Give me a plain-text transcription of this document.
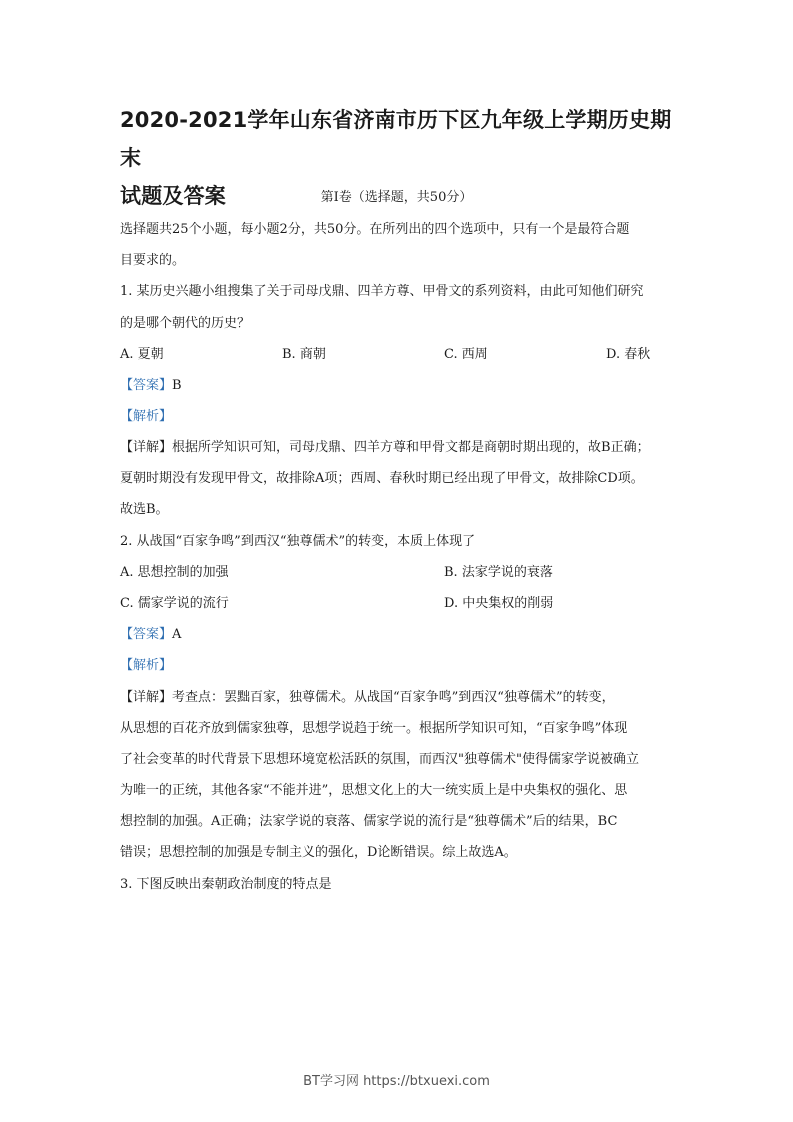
2020-2021学年山东省济南市历下区九年级上学期历史期末
试题及答案	第Ⅰ卷（选择题，共50分）
选择题共25个小题，每小题2分，共50分。在所列出的四个选项中，只有一个是最符合题
目要求的。
1. 某历史兴趣小组搜集了关于司母戊鼎、四羊方尊、甲骨文的系列资料，由此可知他们研究
的是哪个朝代的历史？
A. 夏朝	B. 商朝	C. 西周	D. 春秋
【答案】B
【解析】
【详解】根据所学知识可知，司母戊鼎、四羊方尊和甲骨文都是商朝时期出现的，故B正确；
夏朝时期没有发现甲骨文，故排除A项；西周、春秋时期已经出现了甲骨文，故排除CD项。
故选B。
2. 从战国“百家争鸣”到西汉“独尊儒术”的转变，本质上体现了
A. 思想控制的加强	B. 法家学说的衰落
C. 儒家学说的流行	D. 中央集权的削弱
【答案】A
【解析】
【详解】考查点：罢黜百家，独尊儒术。从战国“百家争鸣”到西汉“独尊儒术”的转变，
从思想的百花齐放到儒家独尊，思想学说趋于统一。根据所学知识可知，“百家争鸣”体现
了社会变革的时代背景下思想环境宽松活跃的氛围，而西汉"独尊儒术"使得儒家学说被确立
为唯一的正统，其他各家“不能并进”，思想文化上的大一统实质上是中央集权的强化、思
想控制的加强。A正确；法家学说的衰落、儒家学说的流行是“独尊儒术”后的结果，BC
错误；思想控制的加强是专制主义的强化，D论断错误。综上故选A。
3. 下图反映出秦朝政治制度的特点是
BT学习网 https://btxuexi.com
